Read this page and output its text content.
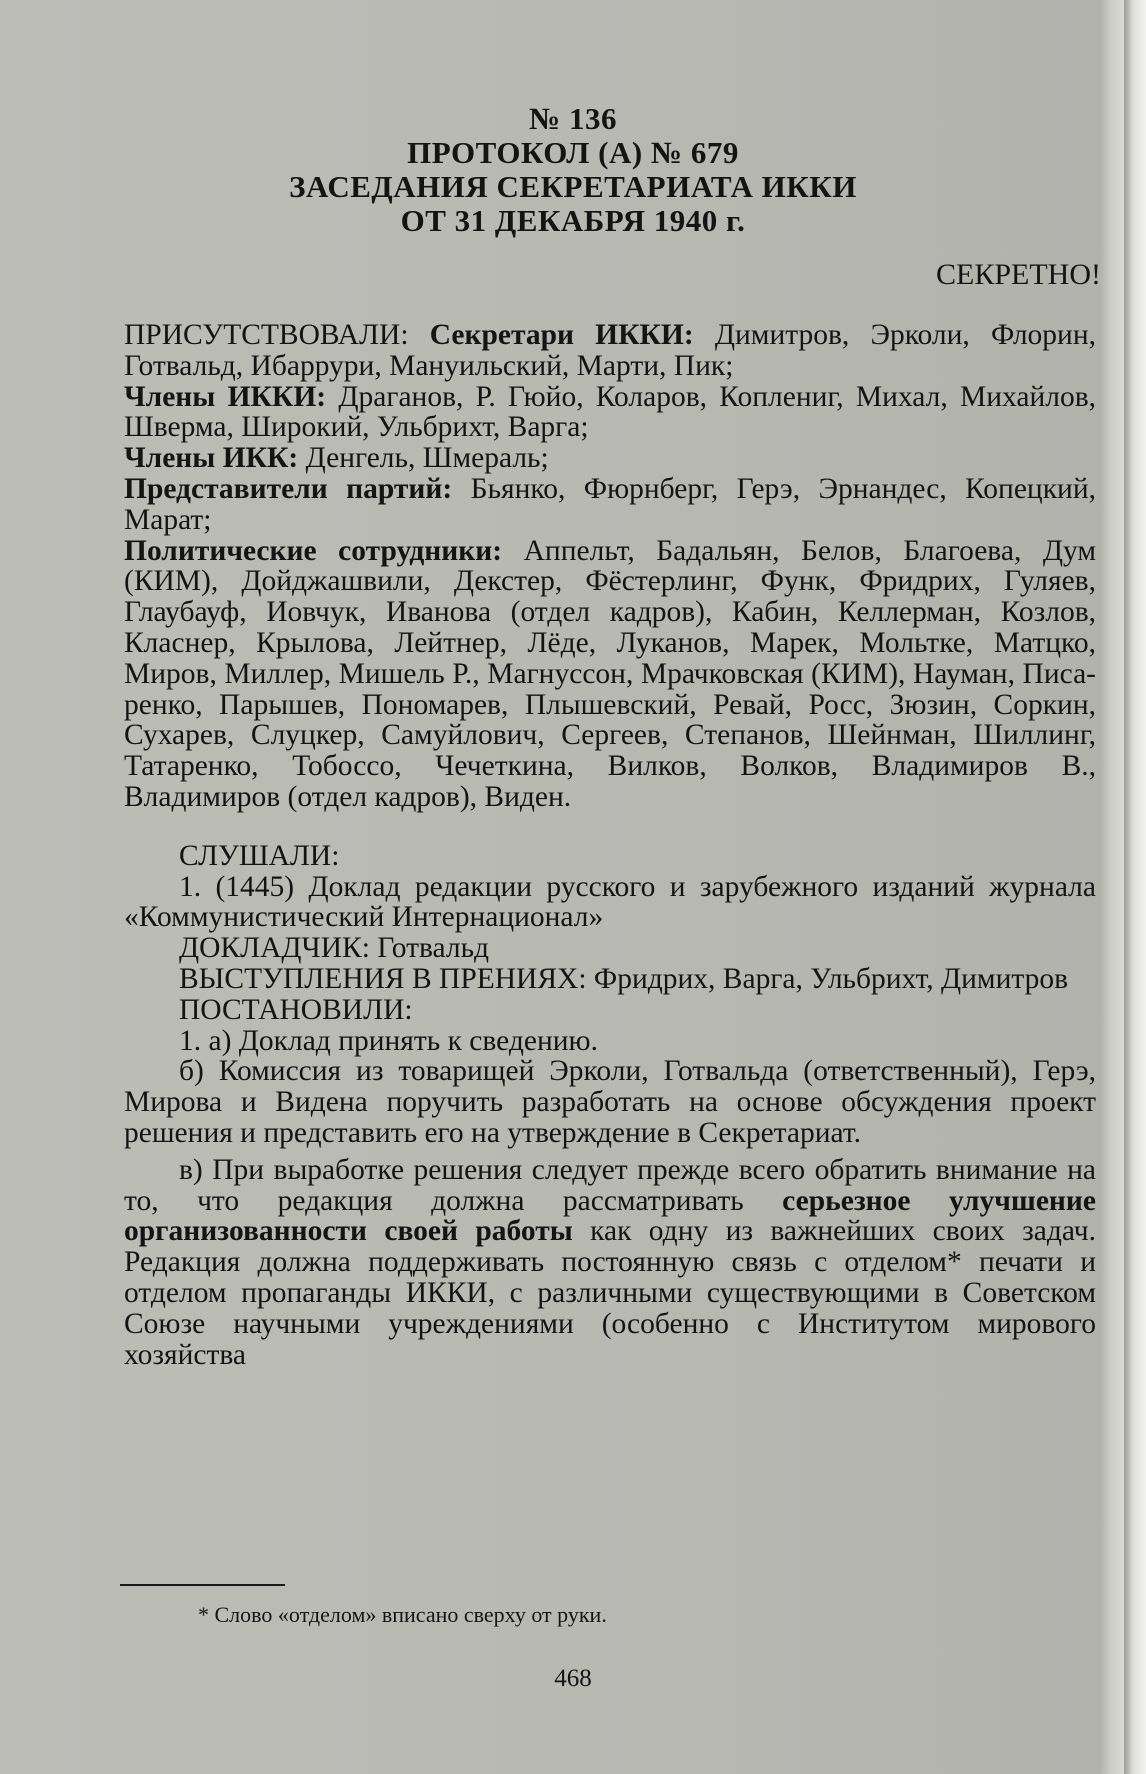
№ 136
ПРОТОКОЛ (А) № 679
ЗАСЕДАНИЯ СЕКРЕТАРИАТА ИККИ
ОТ 31 ДЕКАБРЯ 1940 г.
СЕКРЕТНО!

ПРИСУТСТВОВАЛИ: Секретари ИККИ: Димитров, Эрколи, Флорин, Готвальд, Ибаррури, Мануильский, Марти, Пик;

Члены ИККИ: Драганов, Р. Гюйо, Коларов, Коплениг, Михал, Михайлов, Шверма, Широкий, Ульбрихт, Варга;

Члены ИКК: Денгель, Шмераль;

Представители партий: Бьянко, Фюрнберг, Герэ, Эрнандес, Копецкий, Марат;

Политические сотрудники: Аппельт, Бадальян, Белов, Благоева, Дум (КИМ), Дойджашвили, Декстер, Фёстерлинг, Функ, Фридрих, Гуляев, Глаубауф, Иовчук, Иванова (отдел кадров), Кабин, Келлерман, Козлов, Класнер, Крылова, Лейтнер, Лёде, Луканов, Марек, Мольтке, Матцко, Миров, Миллер, Мишель Р., Магнуссон, Мрачковская (КИМ), Науман, Писаренко, Парышев, Пономарев, Плышевский, Ревай, Росс, Зюзин, Соркин, Сухарев, Слуцкер, Самуйлович, Сергеев, Степанов, Шейнман, Шиллинг, Татаренко, Тобоссо, Чечеткина, Вилков, Волков, Владимиров В., Владимиров (отдел кадров), Виден.

СЛУШАЛИ:

1. (1445) Доклад редакции русского и зарубежного изданий журнала «Коммунистический Интернационал»

ДОКЛАДЧИК: Готвальд

ВЫСТУПЛЕНИЯ В ПРЕНИЯХ: Фридрих, Варга, Ульбрихт, Димитров

ПОСТАНОВИЛИ:

1. а) Доклад принять к сведению.

б) Комиссия из товарищей Эрколи, Готвальда (ответственный), Герэ, Мирова и Видена поручить разработать на основе обсуждения проект решения и представить его на утверждение в Секретариат.

в) При выработке решения следует прежде всего обратить внимание на то, что редакция должна рассматривать серьезное улучшение организованности своей работы как одну из важнейших своих задач. Редакция должна поддерживать постоянную связь с отделом* печати и отделом пропаганды ИККИ, с различными существующими в Советском Союзе научными учреждениями (особенно с Институтом мирового хозяйства

* Слово «отделом» вписано сверху от руки.
468
